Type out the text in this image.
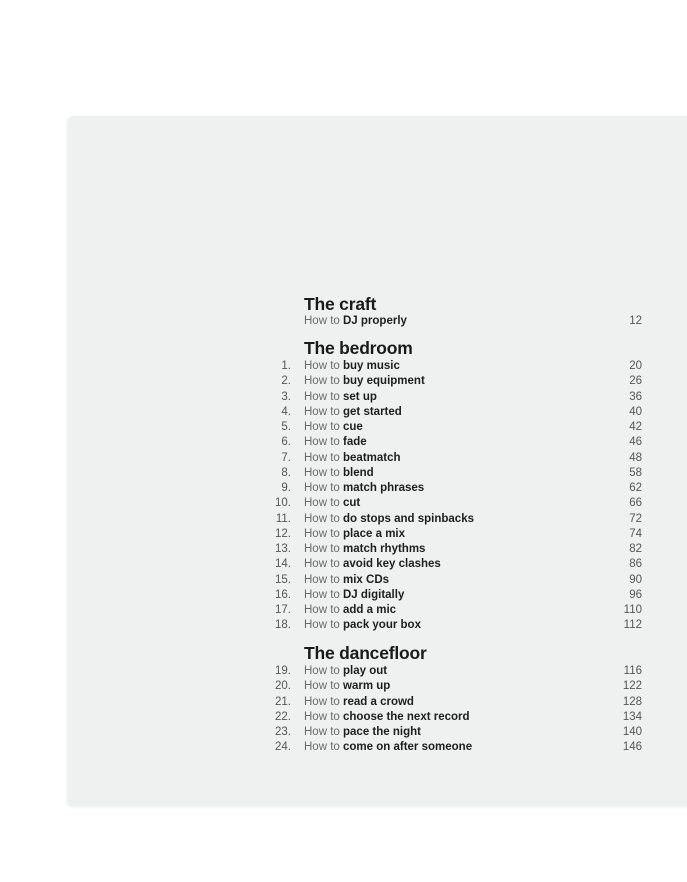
The craft
How to DJ properly	12
The bedroom
1. How to buy music	20
2. How to buy equipment	26
3. How to set up	36
4. How to get started	40
5. How to cue	42
6. How to fade	46
7. How to beatmatch	48
8. How to blend	58
9. How to match phrases	62
10. How to cut	66
11. How to do stops and spinbacks	72
12. How to place a mix	74
13. How to match rhythms	82
14. How to avoid key clashes	86
15. How to mix CDs	90
16. How to DJ digitally	96
17. How to add a mic	110
18. How to pack your box	112
The dancefloor
19. How to play out	116
20. How to warm up	122
21. How to read a crowd	128
22. How to choose the next record	134
23. How to pace the night	140
24. How to come on after someone	146
